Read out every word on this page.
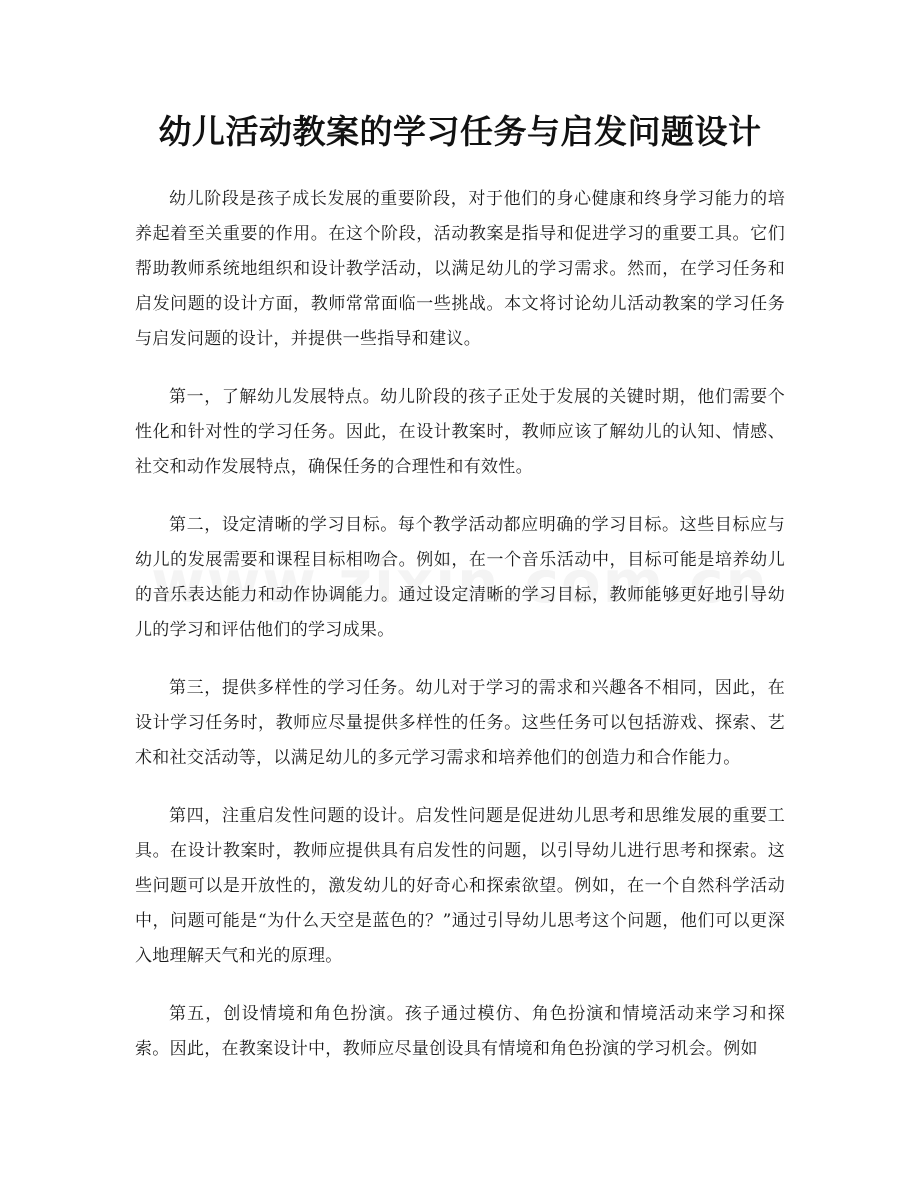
幼儿活动教案的学习任务与启发问题设计

幼儿阶段是孩子成长发展的重要阶段，对于他们的身心健康和终身学习能力的培养起着至关重要的作用。在这个阶段，活动教案是指导和促进学习的重要工具。它们帮助教师系统地组织和设计教学活动，以满足幼儿的学习需求。然而，在学习任务和启发问题的设计方面，教师常常面临一些挑战。本文将讨论幼儿活动教案的学习任务与启发问题的设计，并提供一些指导和建议。

第一，了解幼儿发展特点。幼儿阶段的孩子正处于发展的关键时期，他们需要个性化和针对性的学习任务。因此，在设计教案时，教师应该了解幼儿的认知、情感、社交和动作发展特点，确保任务的合理性和有效性。

第二，设定清晰的学习目标。每个教学活动都应明确的学习目标。这些目标应与幼儿的发展需要和课程目标相吻合。例如，在一个音乐活动中，目标可能是培养幼儿的音乐表达能力和动作协调能力。通过设定清晰的学习目标，教师能够更好地引导幼儿的学习和评估他们的学习成果。

第三，提供多样性的学习任务。幼儿对于学习的需求和兴趣各不相同，因此，在设计学习任务时，教师应尽量提供多样性的任务。这些任务可以包括游戏、探索、艺术和社交活动等，以满足幼儿的多元学习需求和培养他们的创造力和合作能力。

第四，注重启发性问题的设计。启发性问题是促进幼儿思考和思维发展的重要工具。在设计教案时，教师应提供具有启发性的问题，以引导幼儿进行思考和探索。这些问题可以是开放性的，激发幼儿的好奇心和探索欲望。例如，在一个自然科学活动中，问题可能是“为什么天空是蓝色的？”通过引导幼儿思考这个问题，他们可以更深入地理解天气和光的原理。

第五，创设情境和角色扮演。孩子通过模仿、角色扮演和情境活动来学习和探索。因此，在教案设计中，教师应尽量创设具有情境和角色扮演的学习机会。例如
